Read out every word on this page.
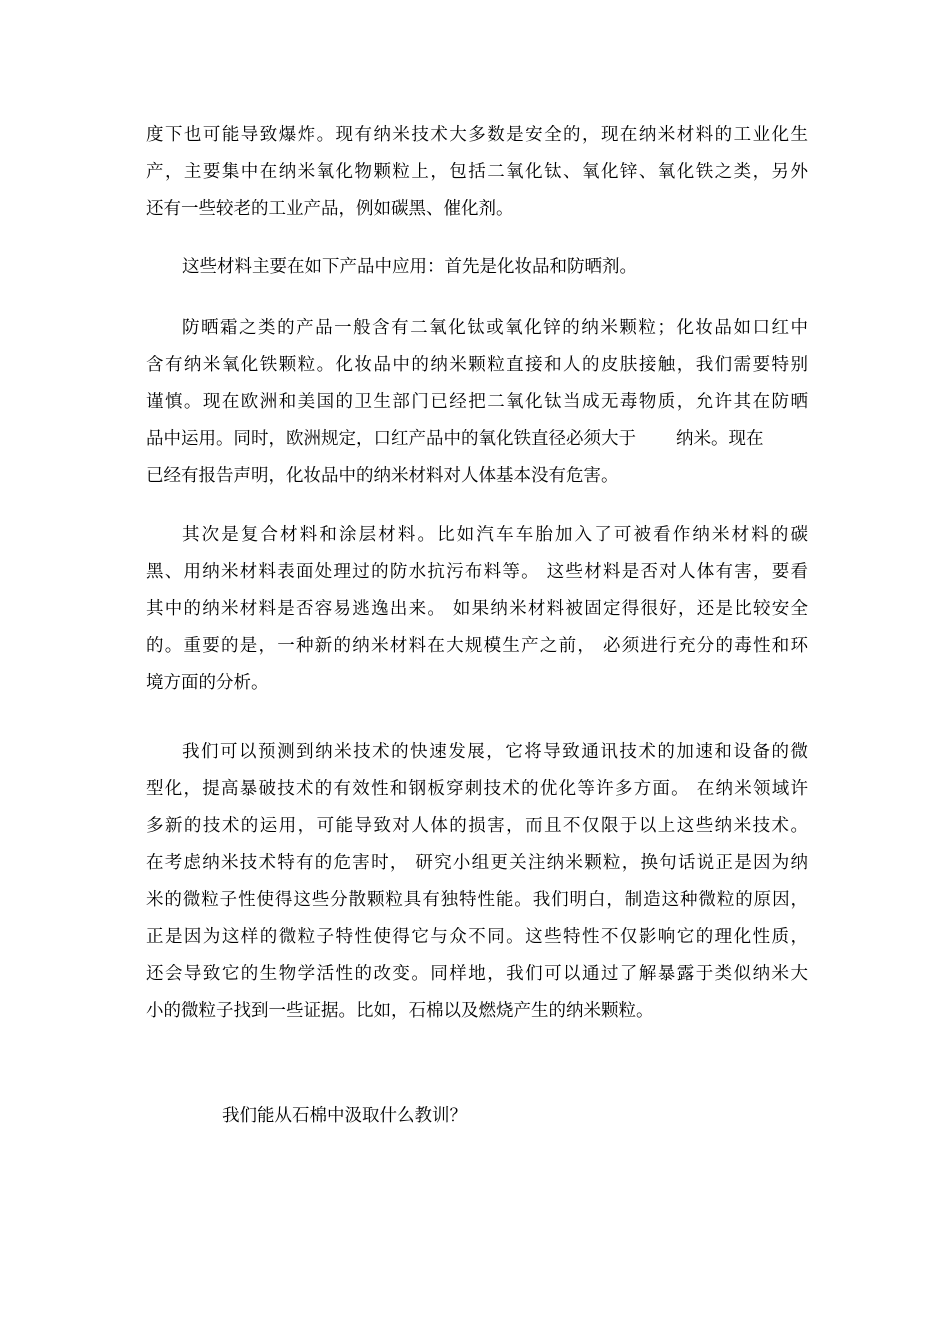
度下也可能导致爆炸。现有纳米技术大多数是安全的，现在纳米材料的工业化生
产，主要集中在纳米氧化物颗粒上，包括二氧化钛、氧化锌、氧化铁之类，另外
还有一些较老的工业产品，例如碳黑、催化剂。
这些材料主要在如下产品中应用：首先是化妆品和防晒剂。
防晒霜之类的产品一般含有二氧化钛或氧化锌的纳米颗粒；化妆品如口红中
含有纳米氧化铁颗粒。化妆品中的纳米颗粒直接和人的皮肤接触，我们需要特别
谨慎。现在欧洲和美国的卫生部门已经把二氧化钛当成无毒物质，允许其在防晒
品中运用。同时，欧洲规定，口红产品中的氧化铁直径必须大于 纳米。现在
已经有报告声明，化妆品中的纳米材料对人体基本没有危害。
其次是复合材料和涂层材料。比如汽车车胎加入了可被看作纳米材料的碳
黑、用纳米材料表面处理过的防水抗污布料等。 这些材料是否对人体有害，要看
其中的纳米材料是否容易逃逸出来。 如果纳米材料被固定得很好，还是比较安全
的。重要的是，一种新的纳米材料在大规模生产之前， 必须进行充分的毒性和环
境方面的分析。
我们可以预测到纳米技术的快速发展，它将导致通讯技术的加速和设备的微
型化，提高暴破技术的有效性和钢板穿刺技术的优化等许多方面。 在纳米领域许
多新的技术的运用，可能导致对人体的损害，而且不仅限于以上这些纳米技术。
在考虑纳米技术特有的危害时， 研究小组更关注纳米颗粒，换句话说正是因为纳
米的微粒子性使得这些分散颗粒具有独特性能。我们明白，制造这种微粒的原因，
正是因为这样的微粒子特性使得它与众不同。这些特性不仅影响它的理化性质，
还会导致它的生物学活性的改变。同样地，我们可以通过了解暴露于类似纳米大
小的微粒子找到一些证据。比如，石棉以及燃烧产生的纳米颗粒。
我们能从石棉中汲取什么教训？
